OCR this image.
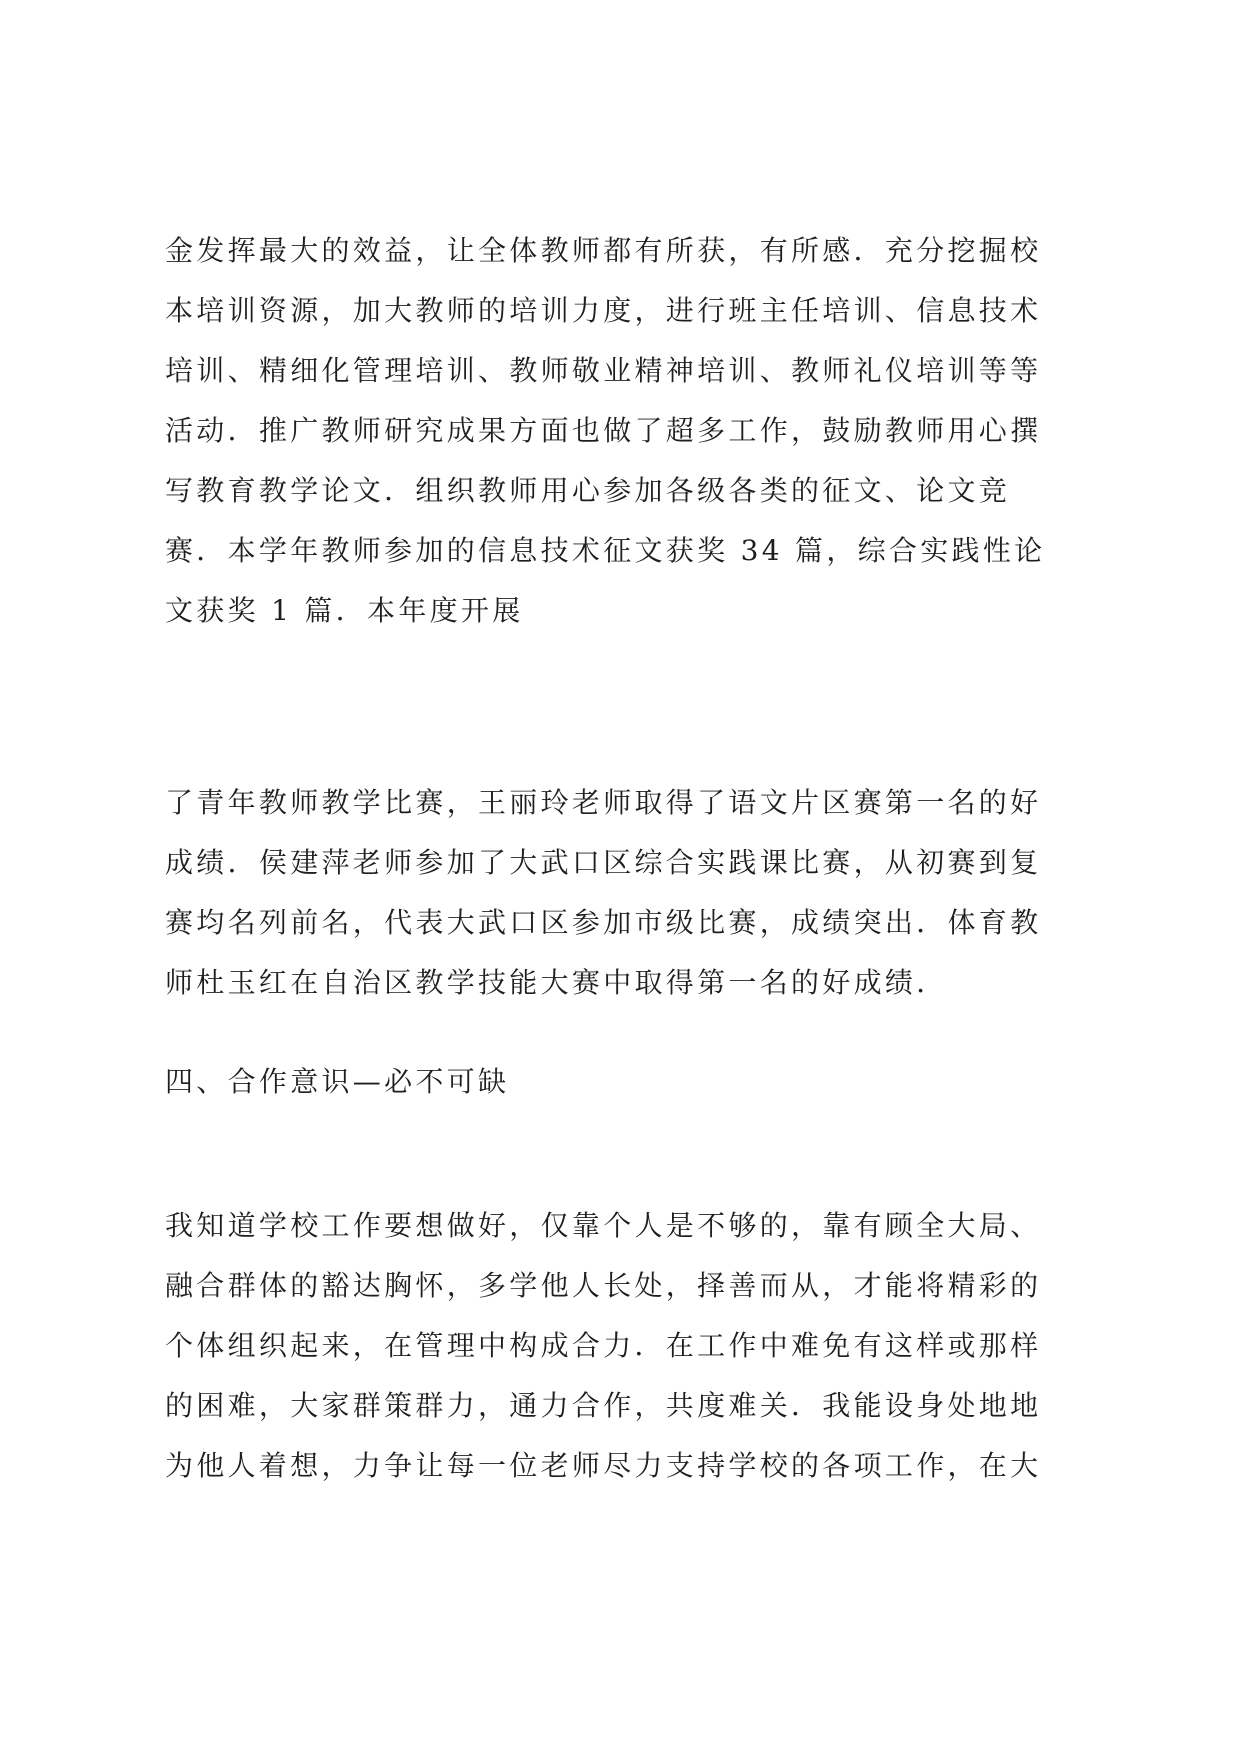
金发挥最大的效益，让全体教师都有所获，有所感．充分挖掘校
本培训资源，加大教师的培训力度，进行班主任培训、信息技术
培训、精细化管理培训、教师敬业精神培训、教师礼仪培训等等
活动．推广教师研究成果方面也做了超多工作，鼓励教师用心撰
写教育教学论文．组织教师用心参加各级各类的征文、论文竞
赛．本学年教师参加的信息技术征文获奖 34 篇，综合实践性论
文获奖 1 篇．本年度开展

了青年教师教学比赛，王丽玲老师取得了语文片区赛第一名的好
成绩．侯建萍老师参加了大武口区综合实践课比赛，从初赛到复
赛均名列前名，代表大武口区参加市级比赛，成绩突出．体育教
师杜玉红在自治区教学技能大赛中取得第一名的好成绩．

四、合作意识—必不可缺

我知道学校工作要想做好，仅靠个人是不够的，靠有顾全大局、
融合群体的豁达胸怀，多学他人长处，择善而从，才能将精彩的
个体组织起来，在管理中构成合力．在工作中难免有这样或那样
的困难，大家群策群力，通力合作，共度难关．我能设身处地地
为他人着想，力争让每一位老师尽力支持学校的各项工作，在大
